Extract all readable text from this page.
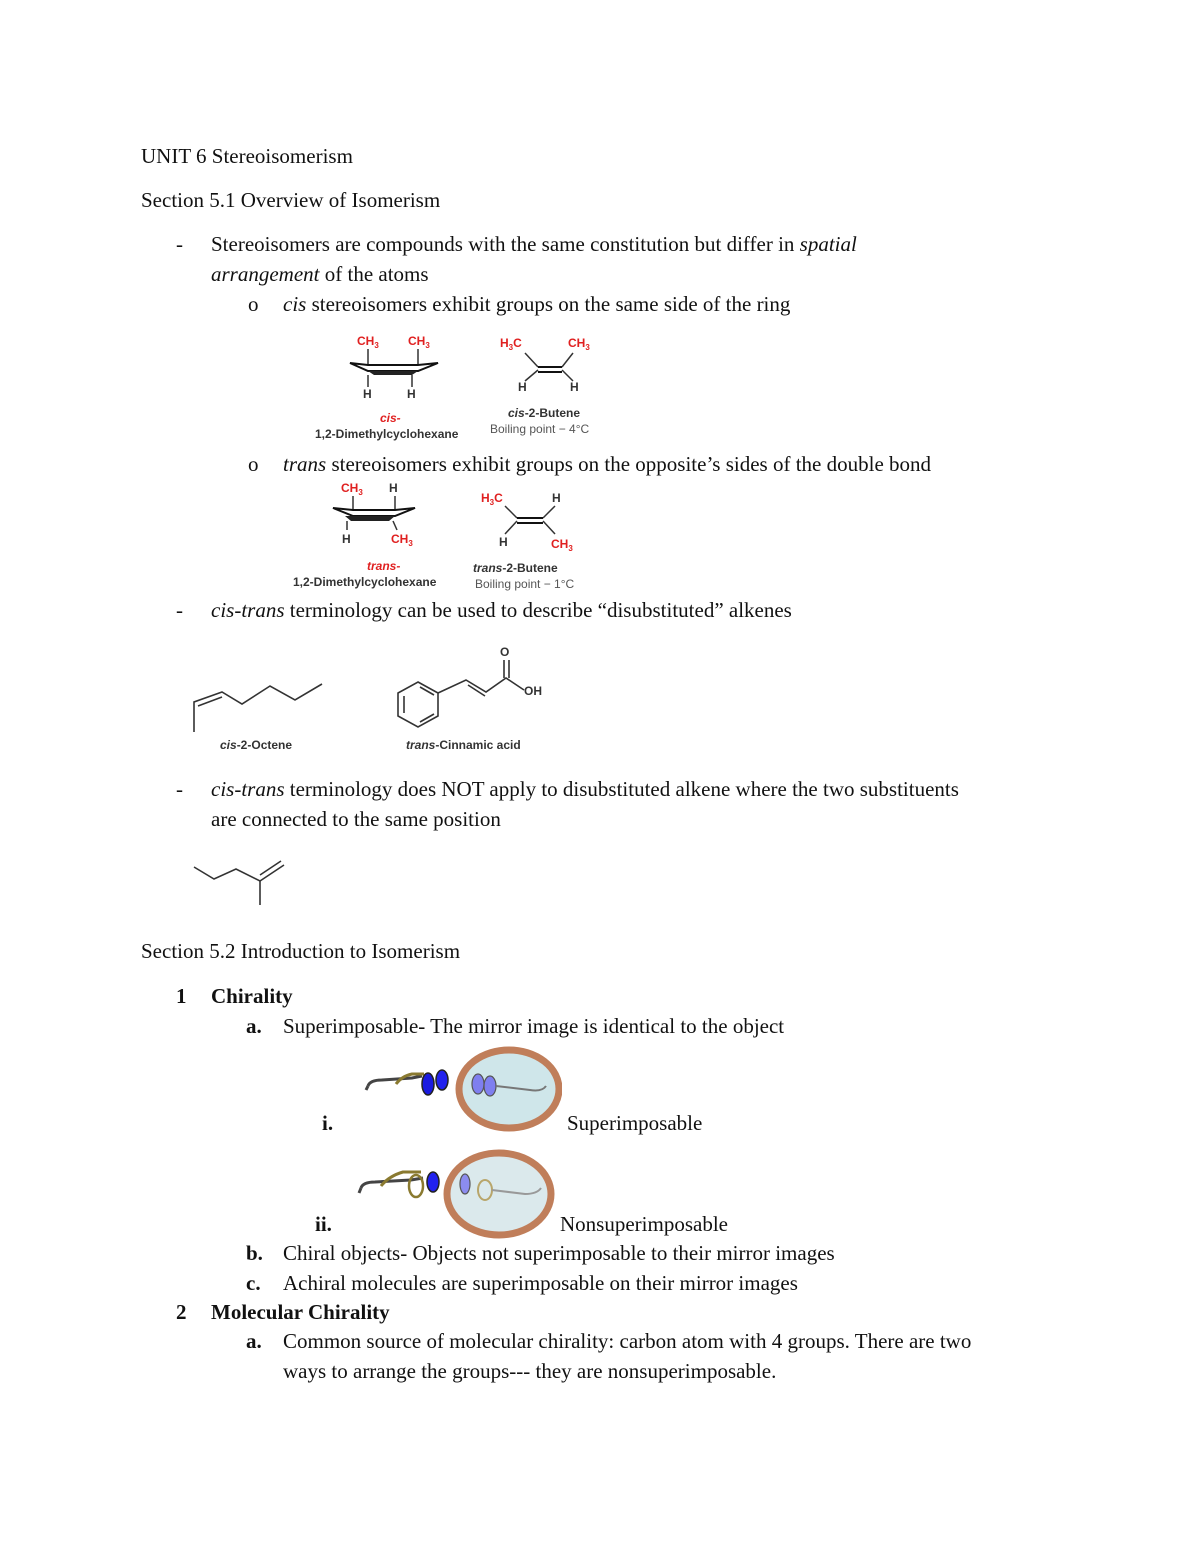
UNIT 6 Stereoisomerism
Section 5.1 Overview of Isomerism
- Stereoisomers are compounds with the same constitution but differ in spatial
arrangement of the atoms
o cis stereoisomers exhibit groups on the same side of the ring
$CH_3$ $CH_3$
H	H
cis-
1,2-Dimethylcyclohexane
$H_3C$	$CH_3$
H	H
cis-2-Butene
Boiling point − 4°C
o trans stereoisomers exhibit groups on the opposite’s sides of the double bond
$CH_3$ H
H	$CH_3$
trans-
1,2-Dimethylcyclohexane
$H_3C$	H
H	$CH_3$
trans-2-Butene
Boiling point − 1°C
- cis-trans terminology can be used to describe “disubstituted” alkenes
cis-2-Octene
O
OH
trans-Cinnamic acid
- cis-trans terminology does NOT apply to disubstituted alkene where the two substituents
are connected to the same position
Section 5.2 Introduction to Isomerism
1 Chirality
a. Superimposable- The mirror image is identical to the object
i.	Superimposable
ii.	Nonsuperimposable
b. Chiral objects- Objects not superimposable to their mirror images
c. Achiral molecules are superimposable on their mirror images
2 Molecular Chirality
a. Common source of molecular chirality: carbon atom with 4 groups. There are two
ways to arrange the groups--- they are nonsuperimposable.
